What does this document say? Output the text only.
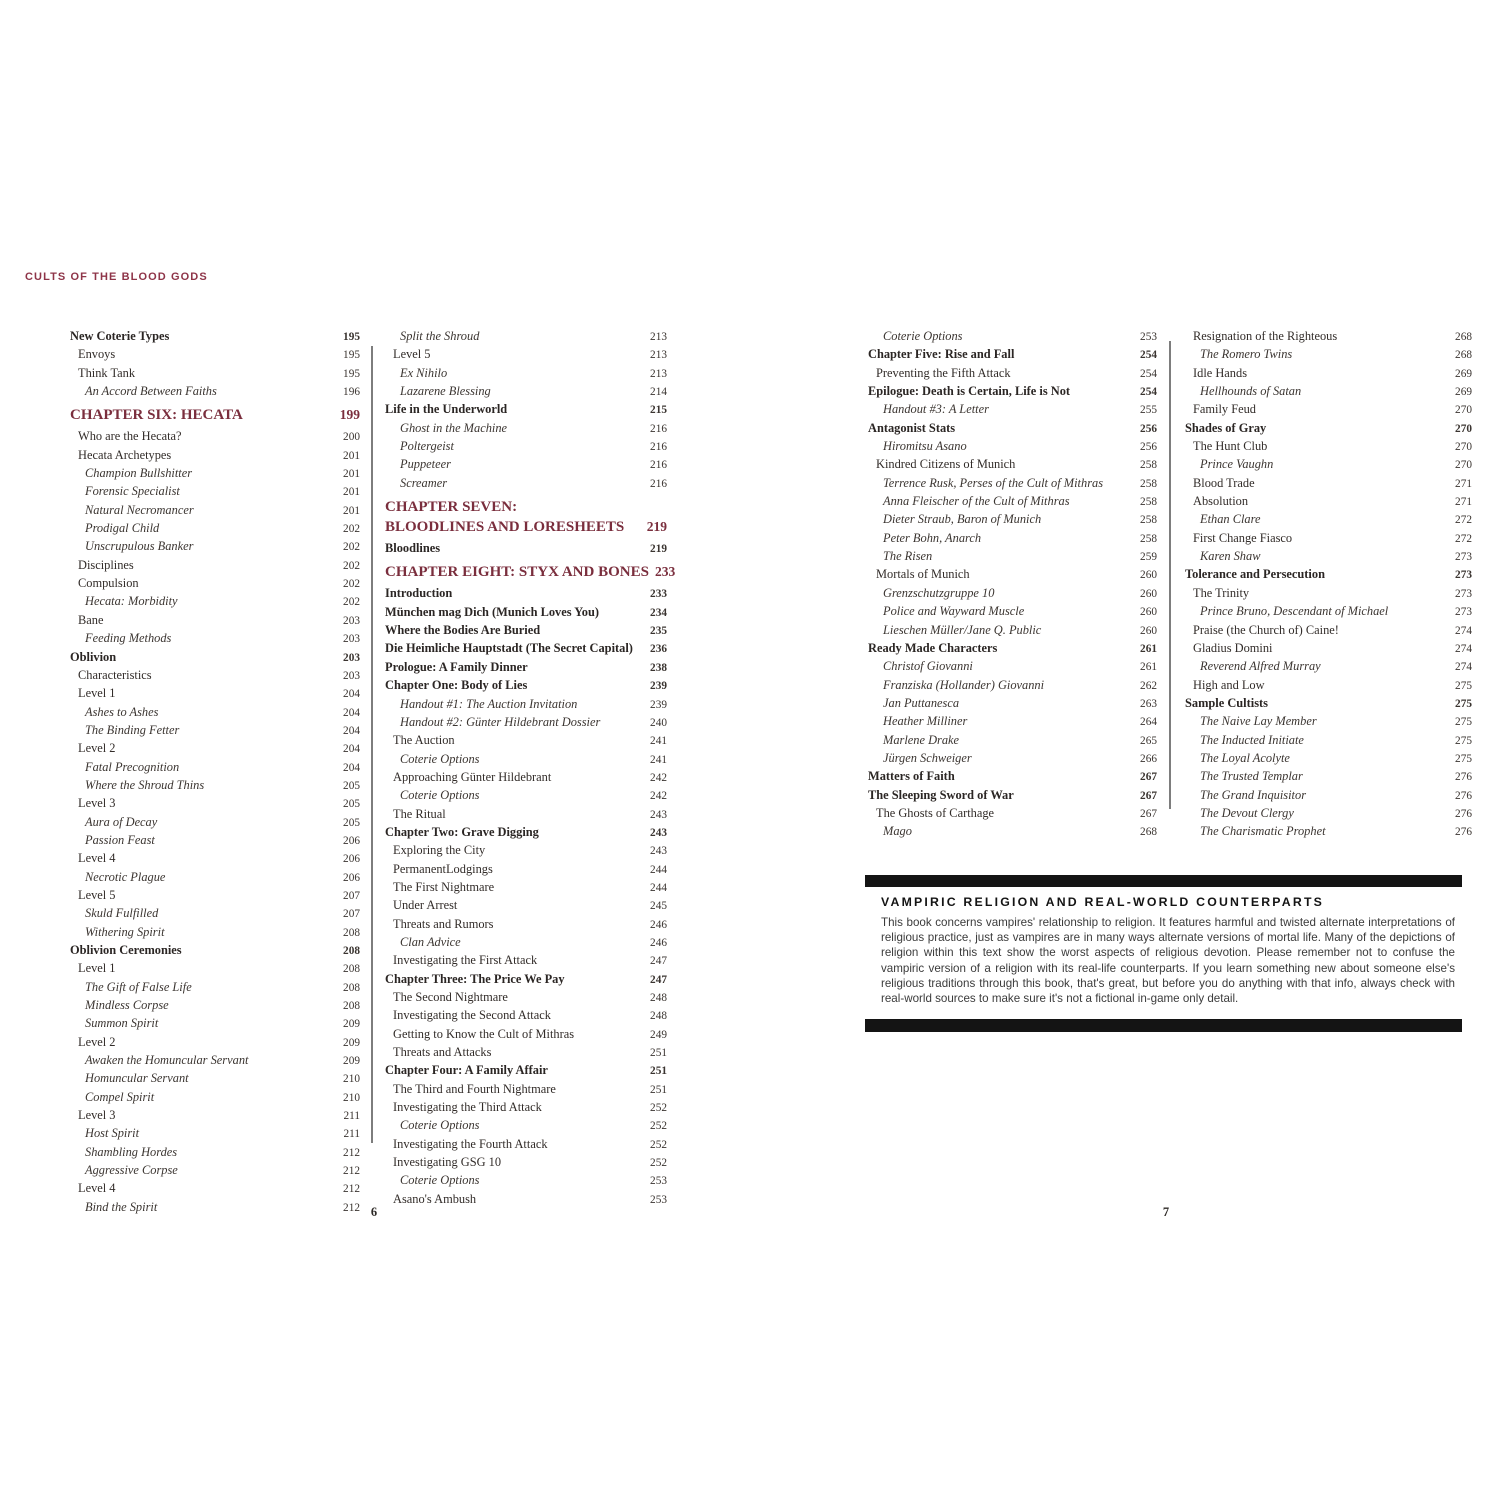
CULTS OF THE BLOOD GODS
New Coterie Types	195
Envoys	195
Think Tank	195
An Accord Between Faiths	196
CHAPTER SIX: HECATA	199
Who are the Hecata?	200
Hecata Archetypes	201
Champion Bullshitter	201
Forensic Specialist	201
Natural Necromancer	201
Prodigal Child	202
Unscrupulous Banker	202
Disciplines	202
Compulsion	202
Hecata: Morbidity	202
Bane	203
Feeding Methods	203
Oblivion	203
Characteristics	203
Level 1	204
Ashes to Ashes	204
The Binding Fetter	204
Level 2	204
Fatal Precognition	204
Where the Shroud Thins	205
Level 3	205
Aura of Decay	205
Passion Feast	206
Level 4	206
Necrotic Plague	206
Level 5	207
Skuld Fulfilled	207
Withering Spirit	208
Oblivion Ceremonies	208
Level 1	208
The Gift of False Life	208
Mindless Corpse	208
Summon Spirit	209
Level 2	209
Awaken the Homuncular Servant	209
Homuncular Servant	210
Compel Spirit	210
Level 3	211
Host Spirit	211
Shambling Hordes	212
Aggressive Corpse	212
Level 4	212
Bind the Spirit	212
Split the Shroud	213
Level 5	213
Ex Nihilo	213
Lazarene Blessing	214
Life in the Underworld	215
Ghost in the Machine	216
Poltergeist	216
Puppeteer	216
Screamer	216
CHAPTER SEVEN:
BLOODLINES AND LORESHEETS 219
Bloodlines	219
CHAPTER EIGHT: STYX AND BONES 233
Introduction	233
München mag Dich (Munich Loves You)	234
Where the Bodies Are Buried	235
Die Heimliche Hauptstadt (The Secret Capital) 236
Prologue: A Family Dinner	238
Chapter One: Body of Lies	239
Handout #1: The Auction Invitation	239
Handout #2: Günter Hildebrant Dossier	240
The Auction	241
Coterie Options	241
Approaching Günter Hildebrant	242
Coterie Options	242
The Ritual	243
Chapter Two: Grave Digging	243
Exploring the City	243
PermanentLodgings	244
The First Nightmare	244
Under Arrest	245
Threats and Rumors	246
Clan Advice	246
Investigating the First Attack	247
Chapter Three: The Price We Pay	247
The Second Nightmare	248
Investigating the Second Attack	248
Getting to Know the Cult of Mithras	249
Threats and Attacks	251
Chapter Four: A Family Affair	251
The Third and Fourth Nightmare	251
Investigating the Third Attack	252
Coterie Options	252
Investigating the Fourth Attack	252
Investigating GSG 10	252
Coterie Options	253
Asano's Ambush	253
Coterie Options	253
Chapter Five: Rise and Fall	254
Preventing the Fifth Attack	254
Epilogue: Death is Certain, Life is Not	254
Handout #3: A Letter	255
Antagonist Stats	256
Hiromitsu Asano	256
Kindred Citizens of Munich	258
Terrence Rusk, Perses of the Cult of Mithras	258
Anna Fleischer of the Cult of Mithras	258
Dieter Straub, Baron of Munich	258
Peter Bohn, Anarch	258
The Risen	259
Mortals of Munich	260
Grenzschutzgruppe 10	260
Police and Wayward Muscle	260
Lieschen Müller/Jane Q. Public	260
Ready Made Characters	261
Christof Giovanni	261
Franziska (Hollander) Giovanni	262
Jan Puttanesca	263
Heather Milliner	264
Marlene Drake	265
Jürgen Schweiger	266
Matters of Faith	267
The Sleeping Sword of War	267
The Ghosts of Carthage	267
Mago	268
Resignation of the Righteous	268
The Romero Twins	268
Idle Hands	269
Hellhounds of Satan	269
Family Feud	270
Shades of Gray	270
The Hunt Club	270
Prince Vaughn	270
Blood Trade	271
Absolution	271
Ethan Clare	272
First Change Fiasco	272
Karen Shaw	273
Tolerance and Persecution	273
The Trinity	273
Prince Bruno, Descendant of Michael	273
Praise (the Church of) Caine!	274
Gladius Domini	274
Reverend Alfred Murray	274
High and Low	275
Sample Cultists	275
The Naive Lay Member	275
The Inducted Initiate	275
The Loyal Acolyte	275
The Trusted Templar	276
The Grand Inquisitor	276
The Devout Clergy	276
The Charismatic Prophet	276
VAMPIRIC RELIGION AND REAL-WORLD COUNTERPARTS
This book concerns vampires' relationship to religion. It features harmful and twisted alternate interpretations of religious practice, just as vampires are in many ways alternate versions of mortal life. Many of the depictions of religion within this text show the worst aspects of religious devotion. Please remember not to confuse the vampiric version of a religion with its real-life counterparts. If you learn something new about someone else's religious traditions through this book, that's great, but before you do anything with that info, always check with real-world sources to make sure it's not a fictional in-game only detail.
6	7
